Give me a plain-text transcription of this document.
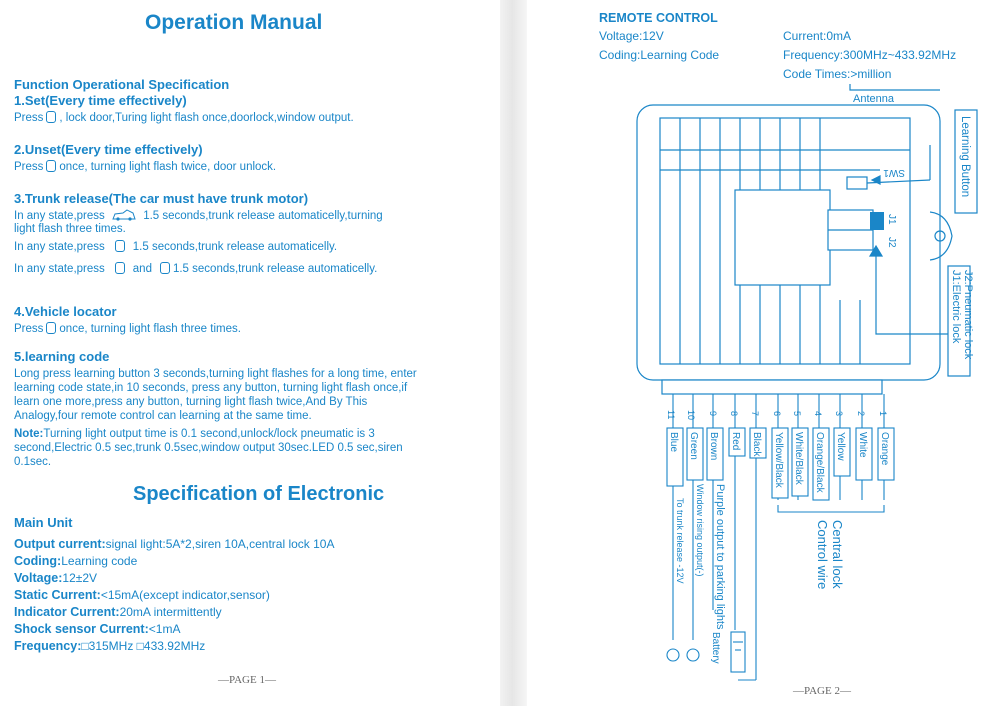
Operation Manual
Function Operational Specification
1.Set(Every time effectively)
Press , lock door,Turing light flash once,doorlock,window output.
2.Unset(Every time effectively)
Press once, turning light flash twice, door unlock.
3.Trunk release(The car must have trunk motor)
In any state,press	1.5 seconds,trunk release automaticelly,turning
light flash three times.
In any state,press 1.5 seconds,trunk release automaticelly.
In any state,press and 1.5 seconds,trunk release automaticelly.
4.Vehicle locator
Press once, turning light flash three times.
5.learning code
Long press learning button 3 seconds,turning light flashes for a long time, enter
learning code state,in 10 seconds, press any button, turning light flash once,if
learn one more,press any button, turning light flash twice,And By This
Analogy,four remote control can learning at the same time.
Note:Turning light output time is 0.1 second,unlock/lock pneumatic is 3
second,Electric 0.5 sec,trunk 0.5sec,window output 30sec.LED 0.5 sec,siren
0.1sec.
Specification of Electronic
Main Unit
Output current:signal light:5A*2,siren 10A,central lock 10A
Coding:Learning code
Voltage:12±2V
Static Current:<15mA(except indicator,sensor)
Indicator Current:20mA intermittently
Shock sensor Current:<1mA
Frequency:□315MHz □433.92MHz
—PAGE 1—
REMOTE CONTROL
Voltage:12V	Current:0mA
Coding:Learning Code	Frequency:300MHz~433.92MHz
Code Times:>million
Antenna
Learning Button
SW1
J1
J2
J1:Electric lock J2:Pneumatic lock
11 10 9 8 7 6 5 4 3 2 1
Blue Green Brown Red Black Yellow/Black White/Black Orange/Black Yellow White Orange
To trunk release -12V Window rising output(-) Purple output to parking lights
Battery
Central lock
Control wire
—PAGE 2—
